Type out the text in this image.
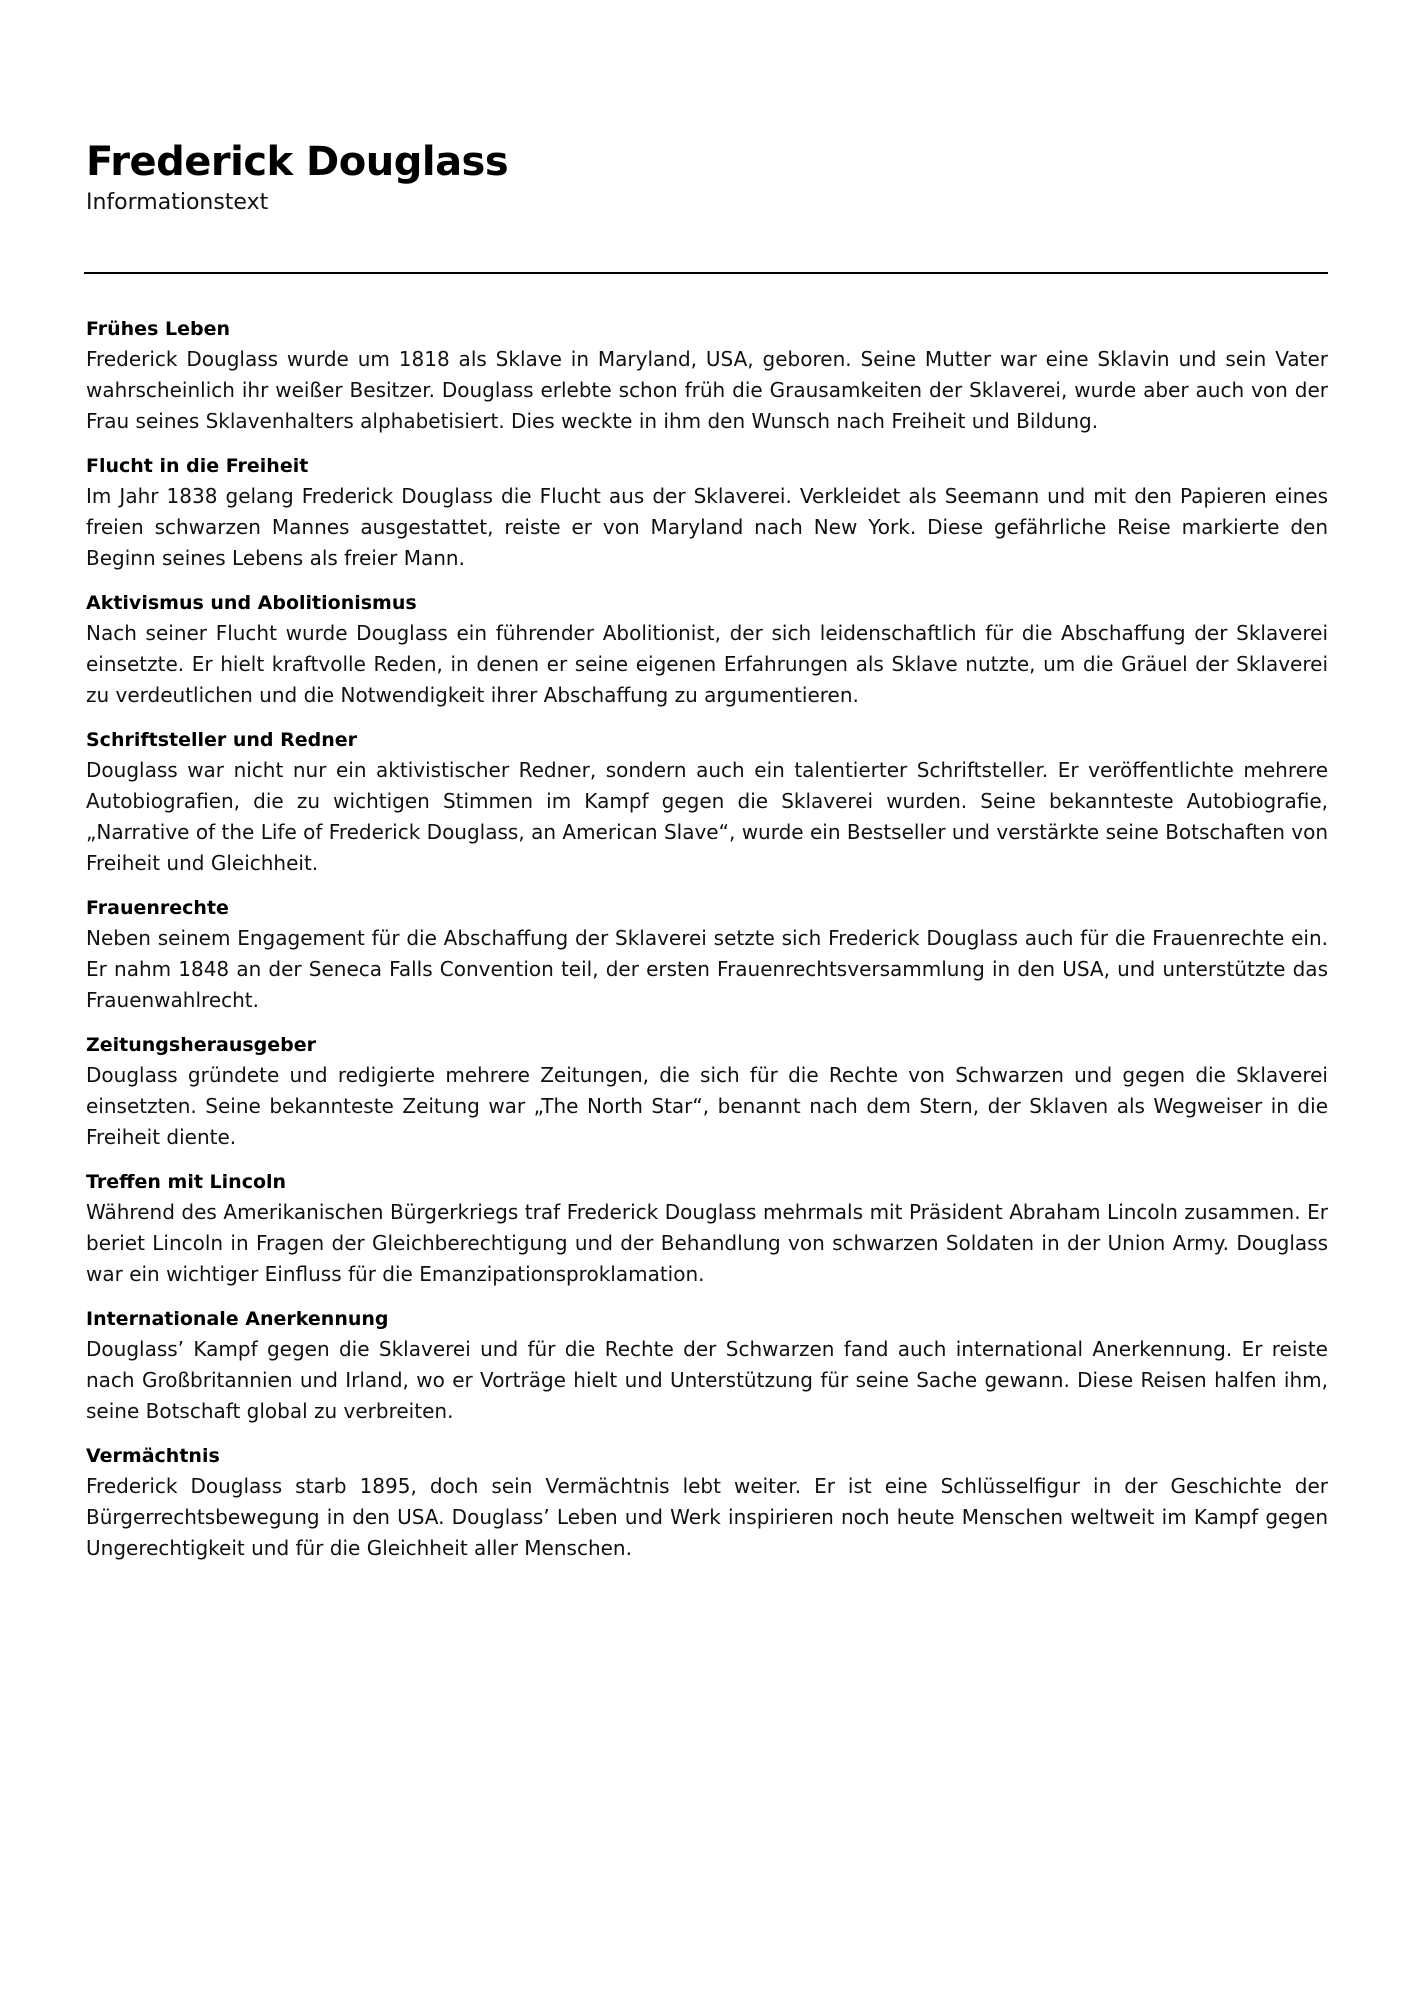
Frederick Douglass
Informationstext
Frühes Leben

Frederick Douglass wurde um 1818 als Sklave in Maryland, USA, geboren. Seine Mutter war eine Sklavin und sein Vater wahrscheinlich ihr weißer Besitzer. Douglass erlebte schon früh die Grausamkeiten der Sklaverei, wurde aber auch von der Frau seines Sklavenhalters alphabetisiert. Dies weckte in ihm den Wunsch nach Freiheit und Bildung.

Flucht in die Freiheit

Im Jahr 1838 gelang Frederick Douglass die Flucht aus der Sklaverei. Verkleidet als Seemann und mit den Papieren eines freien schwarzen Mannes ausgestattet, reiste er von Maryland nach New York. Diese gefährliche Reise markierte den Beginn seines Lebens als freier Mann.

Aktivismus und Abolitionismus

Nach seiner Flucht wurde Douglass ein führender Abolitionist, der sich leidenschaftlich für die Abschaffung der Sklaverei einsetzte. Er hielt kraftvolle Reden, in denen er seine eigenen Erfahrungen als Sklave nutzte, um die Gräuel der Sklaverei zu verdeutlichen und die Notwendigkeit ihrer Abschaffung zu argumentieren.

Schriftsteller und Redner

Douglass war nicht nur ein aktivistischer Redner, sondern auch ein talentierter Schriftsteller. Er veröffentlichte mehrere Autobiografien, die zu wichtigen Stimmen im Kampf gegen die Sklaverei wurden. Seine bekannteste Autobiografie, „Narrative of the Life of Frederick Douglass, an American Slave“, wurde ein Bestseller und verstärkte seine Botschaften von Freiheit und Gleichheit.

Frauenrechte

Neben seinem Engagement für die Abschaffung der Sklaverei setzte sich Frederick Douglass auch für die Frauenrechte ein. Er nahm 1848 an der Seneca Falls Convention teil, der ersten Frauenrechtsversammlung in den USA, und unterstützte das Frauenwahlrecht.

Zeitungsherausgeber

Douglass gründete und redigierte mehrere Zeitungen, die sich für die Rechte von Schwarzen und gegen die Sklaverei einsetzten. Seine bekannteste Zeitung war „The North Star“, benannt nach dem Stern, der Sklaven als Wegweiser in die Freiheit diente.

Treffen mit Lincoln

Während des Amerikanischen Bürgerkriegs traf Frederick Douglass mehrmals mit Präsident Abraham Lincoln zusammen. Er beriet Lincoln in Fragen der Gleichberechtigung und der Behandlung von schwarzen Soldaten in der Union Army. Douglass war ein wichtiger Einfluss für die Emanzipationsproklamation.

Internationale Anerkennung

Douglass’ Kampf gegen die Sklaverei und für die Rechte der Schwarzen fand auch international Anerkennung. Er reiste nach Großbritannien und Irland, wo er Vorträge hielt und Unterstützung für seine Sache gewann. Diese Reisen halfen ihm, seine Botschaft global zu verbreiten.

Vermächtnis

Frederick Douglass starb 1895, doch sein Vermächtnis lebt weiter. Er ist eine Schlüsselfigur in der Geschichte der Bürgerrechtsbewegung in den USA. Douglass’ Leben und Werk inspirieren noch heute Menschen weltweit im Kampf gegen Ungerechtigkeit und für die Gleichheit aller Menschen.
